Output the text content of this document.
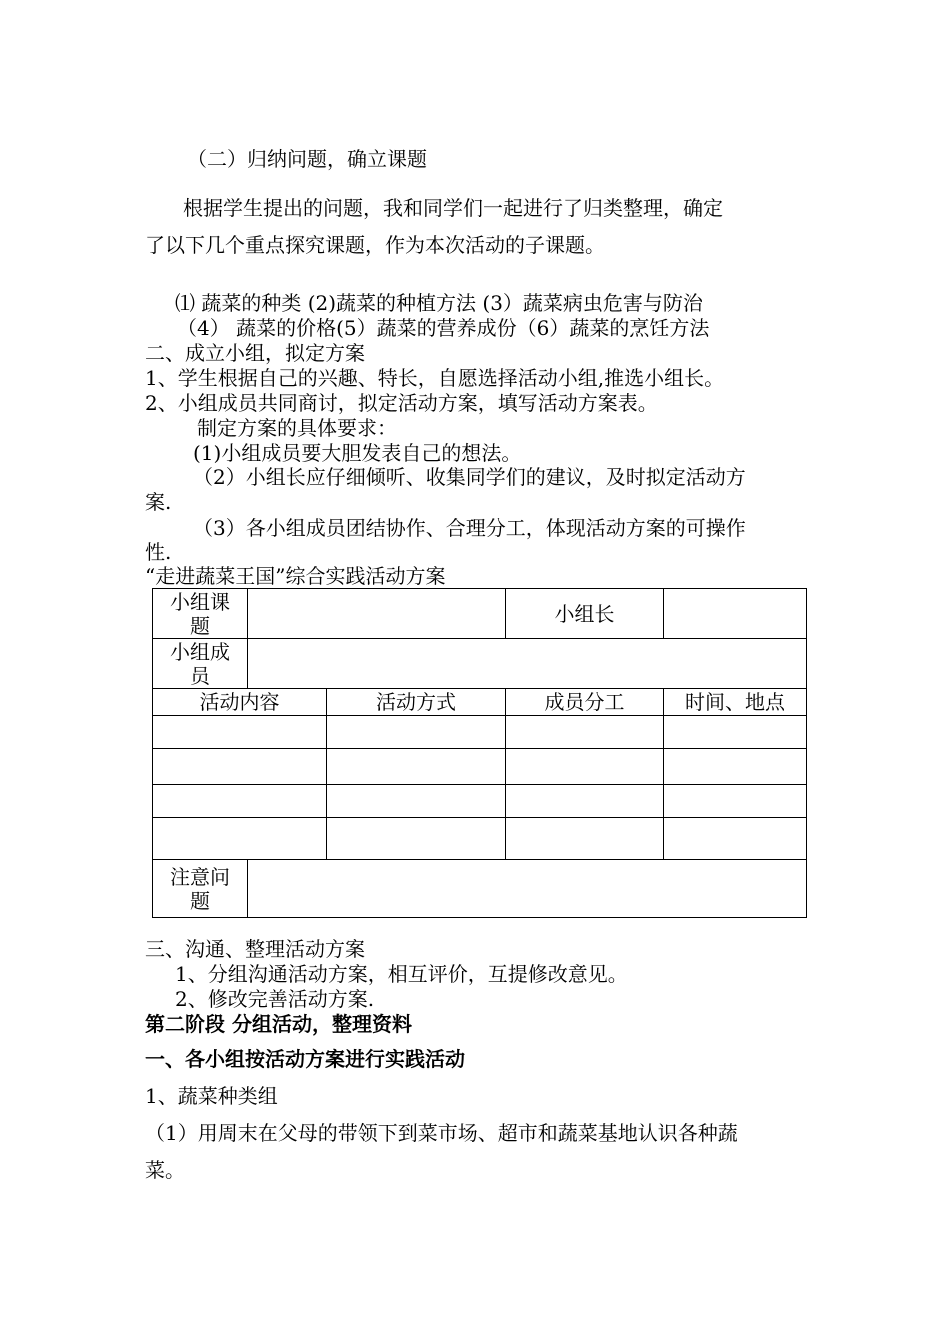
（二）归纳问题，确立课题
根据学生提出的问题，我和同学们一起进行了归类整理，确定
了以下几个重点探究课题，作为本次活动的子课题。
⑴ 蔬菜的种类 (2)蔬菜的种植方法 (3）蔬菜病虫危害与防治
（4） 蔬菜的价格(5）蔬菜的营养成份（6）蔬菜的烹饪方法
二、成立小组，拟定方案
1、学生根据自己的兴趣、特长，自愿选择活动小组,推选小组长。
2、小组成员共同商讨，拟定活动方案，填写活动方案表。
制定方案的具体要求：
(1)小组成员要大胆发表自己的想法。
（2）小组长应仔细倾听、收集同学们的建议，及时拟定活动方
案.
（3）各小组成员团结协作、合理分工，体现活动方案的可操作
性.
“走进蔬菜王国”综合实践活动方案
小组课
题			小组长	

小组成
员				

活动内容		活动方式	成员分工	时间、地点

注意问
题				

三、沟通、整理活动方案
1、分组沟通活动方案，相互评价，互提修改意见。
2、修改完善活动方案.
第二阶段 分组活动，整理资料
一、各小组按活动方案进行实践活动
1、蔬菜种类组
（1）用周末在父母的带领下到菜市场、超市和蔬菜基地认识各种蔬
菜。
